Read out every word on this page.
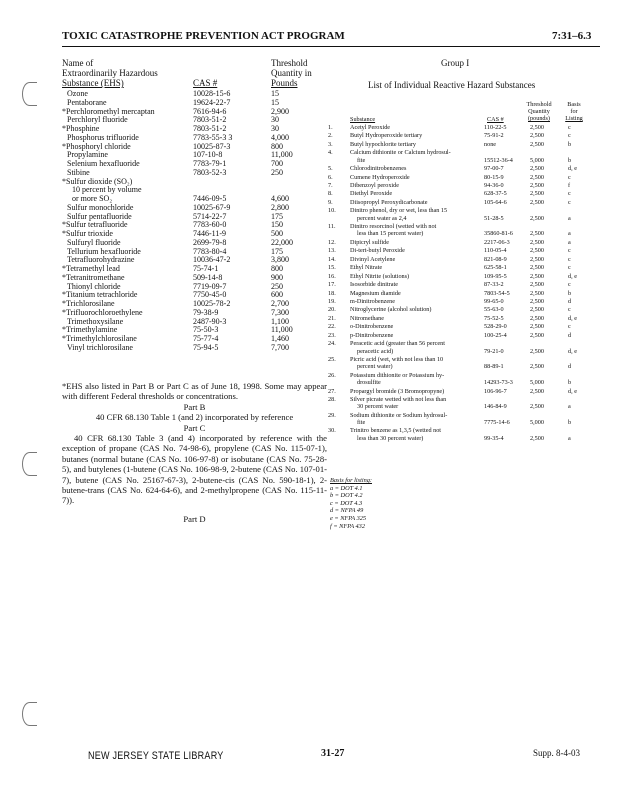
TOXIC CATASTROPHE PREVENTION ACT PROGRAM	7:31–6.3
Name of
Extraordinarily Hazardous
Substance (EHS)	CAS #
Threshold
Quantity in
Pounds
Ozone	10028-15-6	15
Pentaborane	19624-22-7	15
*Perchloromethyl mercaptan	7616-94-6	2,900
Perchloryl fluoride	7803-51-2	30
*Phosphine	7803-51-2	30
Phosphorus trifluoride	7783-55-3 3	4,000
*Phosphoryl chloride	10025-87-3	800
Propylamine	107-10-8	11,000
Selenium hexafluoride	7783-79-1	700
Stibine	7803-52-3	250
*Sulfur dioxide (SO₂)
10 percent by volume
or more SO₂	7446-09-5	4,600
Sulfur monochloride	10025-67-9	2,800
Sulfur pentafluoride	5714-22-7	175
*Sulfur tetrafluoride	7783-60-0	150
*Sulfur trioxide	7446-11-9	500
Sulfuryl fluoride	2699-79-8	22,000
Tellurium hexafluoride	7783-80-4	175
Tetrafluorohydrazine	10036-47-2	3,800
*Tetramethyl lead	75-74-1	800
*Tetranitromethane	509-14-8	900
Thionyl chloride	7719-09-7	250
*Titanium tetrachloride	7750-45-0	600
*Trichlorosilane	10025-78-2	2,700
*Trifluorochloroethylene	79-38-9	7,300
Trimethoxysilane	2487-90-3	1,100
*Trimethylamine	75-50-3	11,000
*Trimethylchlorosilane	75-77-4	1,460
Vinyl trichlorosilane	75-94-5	7,700

*EHS also listed in Part B or Part C as of June 18, 1998. Some may appear with different Federal thresholds or concentrations.

Part B

40 CFR 68.130 Table 1 (and 2) incorporated by reference

Part C

40 CFR 68.130 Table 3 (and 4) incorporated by reference with the exception of propane (CAS No. 74-98-6), propylene (CAS No. 115-07-1), butanes (normal butane (CAS No. 106-97-8) or isobutane (CAS No. 75-28-5), and butylenes (1-butene (CAS No. 106-98-9, 2-butene (CAS No. 107-01-7), butene (CAS No. 25167-67-3), 2-butene-cis (CAS No. 590-18-1), 2-butene-trans (CAS No. 624-64-6), and 2-methylpropene (CAS No. 115-11-7)).

Part D

Group I
List of Individual Reactive Hazard Substances
Threshold
Quantity
(pounds)
Basis
for
Listing
Substance	CAS #
1.	Acetyl Peroxide	110-22-5	2,500	c
2.	Butyl Hydroperoxide tertiary	75-91-2	2,500	c
3.	Butyl hypochlorite tertiary	none	2,500	b
4.	Calcium dithionite or Calcium hydrosul-
fite	15512-36-4	5,000	b
5.	Chlorodinitrobenzenes	97-00-7	2,500	d, e
6.	Cumene Hydroperoxide	80-15-9	2,500	c
7.	Dibenzoyl peroxide	94-36-0	2,500	f
8.	Diethyl Peroxide	628-37-5	2,500	c
9.	Diisopropyl Peroxydicarbonate	105-64-6	2,500	c
10. Dinitro phenol, dry or wet, less than 15
percent water as 2,4	51-28-5	2,500	a
11. Dinitro resorcinol (wetted with not
less than 15 percent water)	35860-81-6	2,500	a
12. Dipicryl sulfide	2217-06-3	2,500	a
13. Di-tert-butyl Peroxide	110-05-4	2,500	c
14. Divinyl Acetylene	821-08-9	2,500	c
15. Ethyl Nitrate	625-58-1	2,500	c
16. Ethyl Nitrite (solutions)	109-95-5	2,500	d, e
17. Isosorbide dinitrate	87-33-2	2,500	c
18. Magnesium diamide	7803-54-5	2,500	b
19. m-Dinitrobenzene	99-65-0	2,500	d
20. Nitroglycerine (alcohol solution)	55-63-0	2,500	c
21. Nitromethane	75-52-5	2,500	d, e
22. o-Dinitrobenzene	528-29-0	2,500	c
23. p-Dinitrobenzene	100-25-4	2,500	d
24. Peracetic acid (greater than 56 percent
peracetic acid)	79-21-0	2,500	d, e
25. Picric acid (wet, with not less than 10
percent water)	88-89-1	2,500	d
26. Potassium dithionite or Potassium hy-
drosulfite	14293-73-3	5,000	b
27. Propargyl bromide (3 Bromopropyne)	106-96-7	2,500	d, e
28. Silver picrate wetted with not less than
30 percent water	146-84-9	2,500	a
29. Sodium dithionite or Sodium hydrosul-
fite	7775-14-6	5,000	b
30. Trinitro benzene as 1,3,5 (wetted not
less than 30 percent water)	99-35-4	2,500	a
Basis for listing:
a = DOT 4.1
b = DOT 4.2
c = DOT 4.3
d = NFPA 49
e = NFPA 325
f = NFPA 432
NEW JERSEY STATE LIBRARY	31-27	Supp. 8-4-03
